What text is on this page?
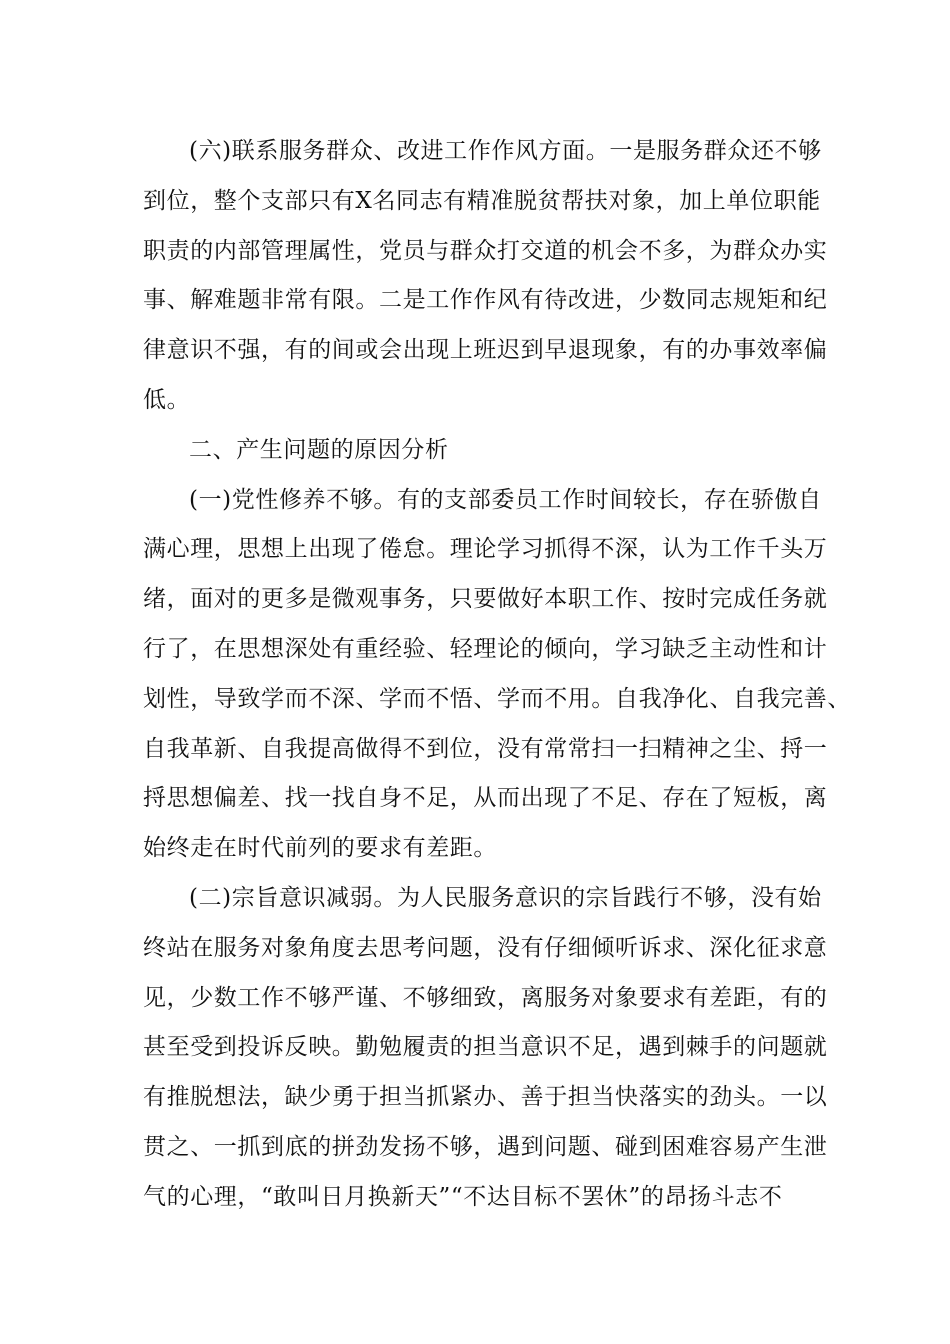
(六)联系服务群众、改进工作作风方面。一是服务群众还不够
到位，整个支部只有X名同志有精准脱贫帮扶对象，加上单位职能
职责的内部管理属性，党员与群众打交道的机会不多，为群众办实
事、解难题非常有限。二是工作作风有待改进，少数同志规矩和纪
律意识不强，有的间或会出现上班迟到早退现象，有的办事效率偏
低。
二、产生问题的原因分析
(一)党性修养不够。有的支部委员工作时间较长，存在骄傲自
满心理，思想上出现了倦怠。理论学习抓得不深，认为工作千头万
绪，面对的更多是微观事务，只要做好本职工作、按时完成任务就
行了，在思想深处有重经验、轻理论的倾向，学习缺乏主动性和计
划性，导致学而不深、学而不悟、学而不用。自我净化、自我完善、
自我革新、自我提高做得不到位，没有常常扫一扫精神之尘、捋一
捋思想偏差、找一找自身不足，从而出现了不足、存在了短板，离
始终走在时代前列的要求有差距。
(二)宗旨意识减弱。为人民服务意识的宗旨践行不够，没有始
终站在服务对象角度去思考问题，没有仔细倾听诉求、深化征求意
见，少数工作不够严谨、不够细致，离服务对象要求有差距，有的
甚至受到投诉反映。勤勉履责的担当意识不足，遇到棘手的问题就
有推脱想法，缺少勇于担当抓紧办、善于担当快落实的劲头。一以
贯之、一抓到底的拼劲发扬不够，遇到问题、碰到困难容易产生泄
气的心理，“敢叫日月换新天”“不达目标不罢休”的昂扬斗志不
